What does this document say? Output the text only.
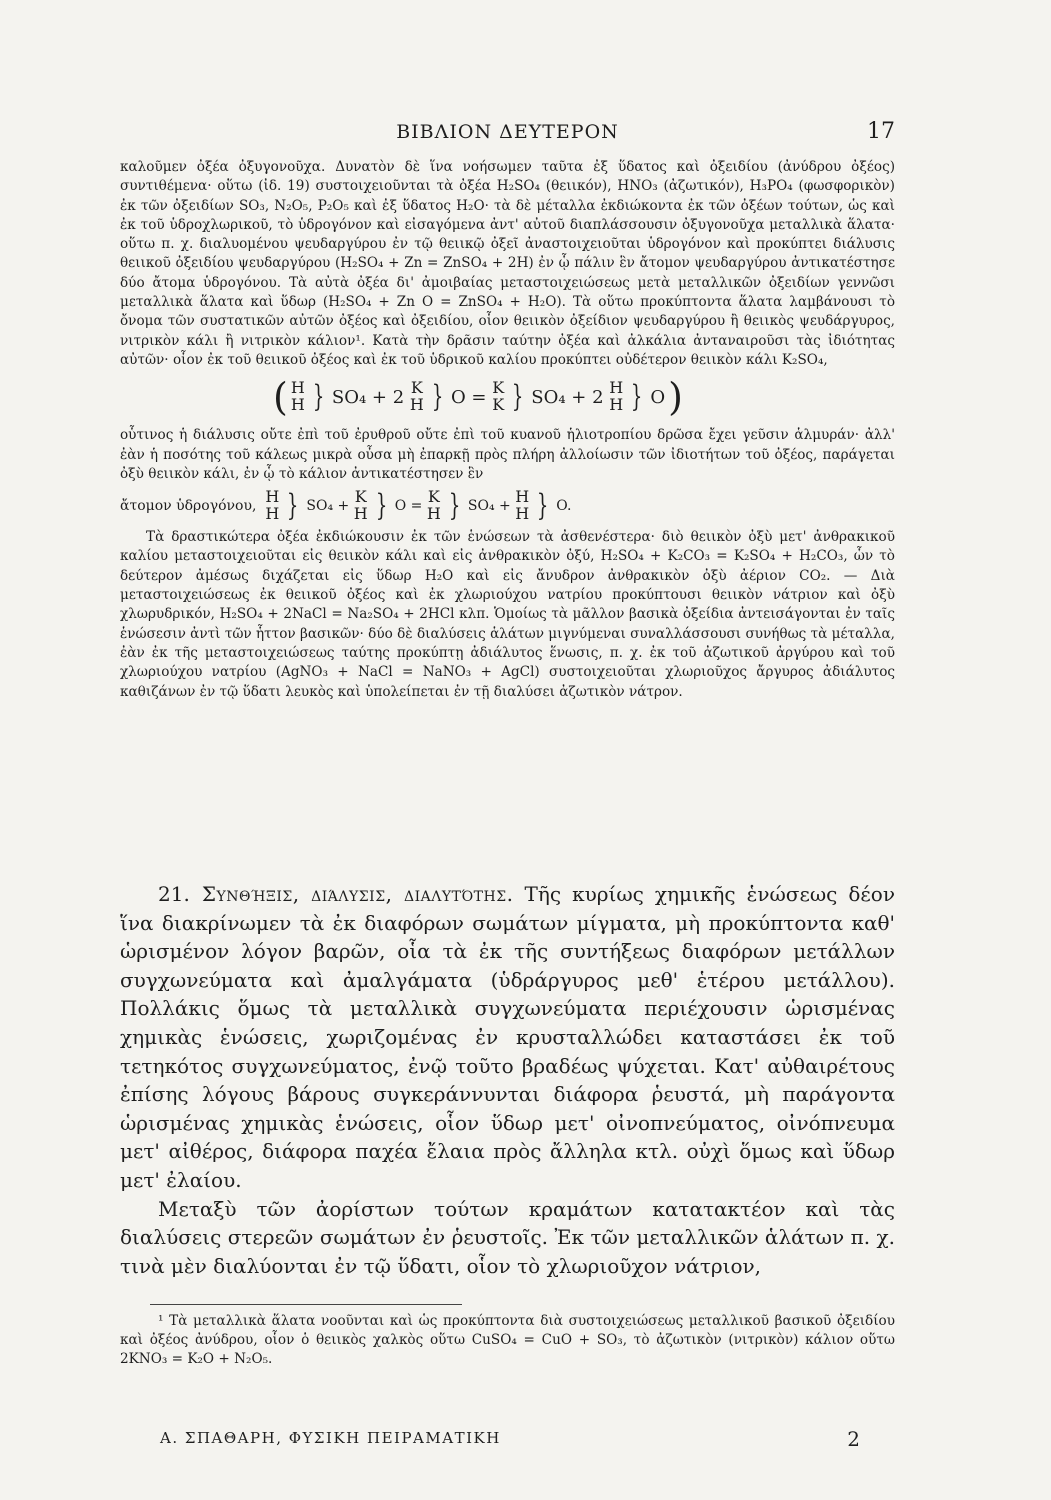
ΒΙΒΛΙΟΝ ΔΕΥΤΕΡΟΝ	17

καλοῦμεν ὀξέα ὀξυγονοῦχα. Δυνατὸν δὲ ἵνα νοήσωμεν ταῦτα ἐξ ὕδατος καὶ ὀξειδίου (ἀνύδρου ὀξέος) συντιθέμενα· οὕτω (ἰδ. 19) συστοιχειοῦνται τὰ ὀξέα H₂SO₄ (θειικόν), HNO₃ (ἀζωτικόν), H₃PO₄ (φωσφορικὸν) ἐκ τῶν ὀξειδίων SO₃, N₂O₅, P₂O₅ καὶ ἐξ ὕδατος H₂O· τὰ δὲ μέταλλα ἐκδιώκοντα ἐκ τῶν ὀξέων τούτων, ὡς καὶ ἐκ τοῦ ὑδροχλωρικοῦ, τὸ ὑδρογόνον καὶ εἰσαγόμενα ἀντ' αὐτοῦ διαπλάσσουσιν ὀξυγονοῦχα μεταλλικὰ ἅλατα· οὕτω π. χ. διαλυομένου ψευδαργύρου ἐν τῷ θειικῷ ὀξεῖ ἀναστοιχειοῦται ὑδρογόνον καὶ προκύπτει διάλυσις θειικοῦ ὀξειδίου ψευδαργύρου (H₂SO₄ + Zn = ZnSO₄ + 2H) ἐν ᾧ πάλιν ἓν ἄτομον ψευδαργύρου ἀντικατέστησε δύο ἄτομα ὑδρογόνου. Τὰ αὐτὰ ὀξέα δι' ἀμοιβαίας μεταστοιχειώσεως μετὰ μεταλλικῶν ὀξειδίων γεννῶσι μεταλλικὰ ἅλατα καὶ ὕδωρ (H₂SO₄ + Zn O = ZnSO₄ + H₂O). Τὰ οὕτω προκύπτοντα ἅλατα λαμβάνουσι τὸ ὄνομα τῶν συστατικῶν αὐτῶν ὀξέος καὶ ὀξειδίου, οἷον θειικὸν ὀξείδιον ψευδαργύρου ἢ θειικὸς ψευδάργυρος, νιτρικὸν κάλι ἢ νιτρικὸν κάλιον¹. Κατὰ τὴν δρᾶσιν ταύτην ὀξέα καὶ ἀλκάλια ἀνταναιροῦσι τὰς ἰδιότητας αὐτῶν· οἷον ἐκ τοῦ θειικοῦ ὀξέος καὶ ἐκ τοῦ ὑδρικοῦ καλίου προκύπτει οὐδέτερον θειικὸν κάλι K₂SO₄,

( H
H } SO₄ + 2
K
H } O =
K
K } SO₄ + 2
H
H } O )

οὗτινος ἡ διάλυσις οὔτε ἐπὶ τοῦ ἐρυθροῦ οὔτε ἐπὶ τοῦ κυανοῦ ἡλιοτροπίου δρῶσα ἔχει γεῦσιν ἁλμυράν· ἀλλ' ἐὰν ἡ ποσότης τοῦ κάλεως μικρὰ οὖσα μὴ ἐπαρκῇ πρὸς πλήρη ἀλλοίωσιν τῶν ἰδιοτήτων τοῦ ὀξέος, παράγεται ὀξὺ θειικὸν κάλι, ἐν ᾧ τὸ κάλιον ἀντικατέστησεν ἓν

ἄτομον ὑδρογόνου,
H
H } SO₄ +
K
H } O =
K
H } SO₄ +
H
H } O.

Τὰ δραστικώτερα ὀξέα ἐκδιώκουσιν ἐκ τῶν ἑνώσεων τὰ ἀσθενέστερα· διὸ θειικὸν ὀξὺ μετ' ἀνθρακικοῦ καλίου μεταστοιχειοῦται εἰς θειικὸν κάλι καὶ εἰς ἀνθρακικὸν ὀξύ, H₂SO₄ + K₂CO₃ = K₂SO₄ + H₂CO₃, ὧν τὸ δεύτερον ἀμέσως διχάζεται εἰς ὕδωρ H₂O καὶ εἰς ἄνυδρον ἀνθρακικὸν ὀξὺ ἀέριον CO₂. — Διὰ μεταστοιχειώσεως ἐκ θειικοῦ ὀξέος καὶ ἐκ χλωριούχου νατρίου προκύπτουσι θειικὸν νάτριον καὶ ὀξὺ χλωρυδρικόν, H₂SO₄ + 2NaCl = Na₂SO₄ + 2HCl κλπ. Ὁμοίως τὰ μᾶλλον βασικὰ ὀξείδια ἀντεισάγονται ἐν ταῖς ἑνώσεσιν ἀντὶ τῶν ἧττον βασικῶν· δύο δὲ διαλύσεις ἁλάτων μιγνύμεναι συναλλάσσουσι συνήθως τὰ μέταλλα, ἐὰν ἐκ τῆς μεταστοιχειώσεως ταύτης προκύπτῃ ἀδιάλυτος ἕνωσις, π. χ. ἐκ τοῦ ἀζωτικοῦ ἀργύρου καὶ τοῦ χλωριούχου νατρίου (AgNO₃ + NaCl = NaNO₃ + AgCl) συστοιχειοῦται χλωριοῦχος ἄργυρος ἀδιάλυτος καθιζάνων ἐν τῷ ὕδατι λευκὸς καὶ ὑπολείπεται ἐν τῇ διαλύσει ἀζωτικὸν νάτρον.

21. Συνθήξις, διάλυσις, διαλυτότης. Τῆς κυρίως χημικῆς ἑνώσεως δέον ἵνα διακρίνωμεν τὰ ἐκ διαφόρων σωμάτων μίγματα, μὴ προκύπτοντα καθ' ὡρισμένον λόγον βαρῶν, οἷα τὰ ἐκ τῆς συντήξεως διαφόρων μετάλλων συγχωνεύματα καὶ ἀμαλγάματα (ὑδράργυρος μεθ' ἑτέρου μετάλλου). Πολλάκις ὅμως τὰ μεταλλικὰ συγχωνεύματα περιέχουσιν ὡρισμένας χημικὰς ἑνώσεις, χωριζομένας ἐν κρυσταλλώδει καταστάσει ἐκ τοῦ τετηκότος συγχωνεύματος, ἐνῷ τοῦτο βραδέως ψύχεται. Κατ' αὐθαιρέτους ἐπίσης λόγους βάρους συγκεράννυνται διάφορα ῥευστά, μὴ παράγοντα ὡρισμένας χημικὰς ἑνώσεις, οἷον ὕδωρ μετ' οἰνοπνεύματος, οἰνόπνευμα μετ' αἰθέρος, διάφορα παχέα ἔλαια πρὸς ἄλληλα κτλ. οὐχὶ ὅμως καὶ ὕδωρ μετ' ἐλαίου.

Μεταξὺ τῶν ἀορίστων τούτων κραμάτων κατατακτέον καὶ τὰς διαλύσεις στερεῶν σωμάτων ἐν ῥευστοῖς. Ἐκ τῶν μεταλλικῶν ἁλάτων π. χ. τινὰ μὲν διαλύονται ἐν τῷ ὕδατι, οἷον τὸ χλωριοῦχον νάτριον,

¹ Τὰ μεταλλικὰ ἅλατα νοοῦνται καὶ ὡς προκύπτοντα διὰ συστοιχειώσεως μεταλλικοῦ βασικοῦ ὀξειδίου καὶ ὀξέος ἀνύδρου, οἷον ὁ θειικὸς χαλκὸς οὕτω CuSO₄ = CuO + SO₃, τὸ ἀζωτικὸν (νιτρικὸν) κάλιον οὕτω 2KNO₃ = K₂O + N₂O₅.

Α. ΣΠΑΘΑΡΗ, ΦΥΣΙΚΗ ΠΕΙΡΑΜΑΤΙΚΗ	2
